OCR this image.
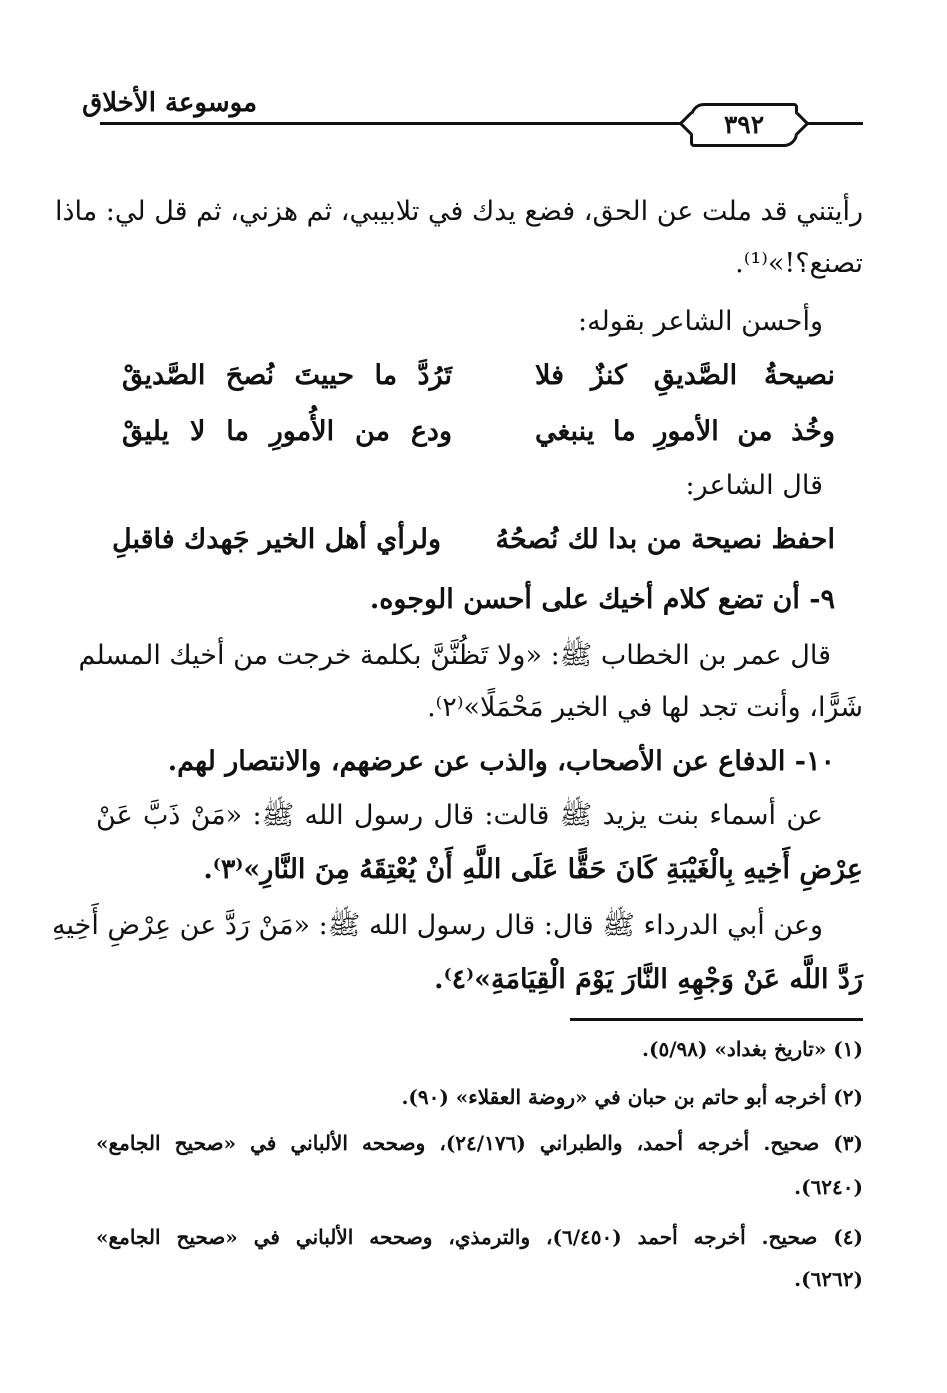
موسوعة الأخلاق
٣٩٢
رأيتني قد ملت عن الحق، فضع يدك في تلابيبي، ثم هزني، ثم قل لي: ماذا
تصنع؟!»⁽¹⁾.
وأحسن الشاعر بقوله:
نصيحةُ الصَّديقِ كنزٌ فلا
تَرُدَّ ما حييتَ نُصحَ الصَّديقْ
وخُذ من الأمورِ ما ينبغي
ودع من الأُمورِ ما لا يليقْ
قال الشاعر:
احفظ نصيحة من بدا لك نُصحُهُ
ولرأي أهل الخير جَهدك فاقبلِ
٩- أن تضع كلام أخيك على أحسن الوجوه.
قال عمر بن الخطاب ﷺ: «ولا تَظُنَّنَّ بكلمة خرجت من أخيك المسلم
شَرًّا، وأنت تجد لها في الخير مَحْمَلًا»⁽٢⁾.
١٠- الدفاع عن الأصحاب، والذب عن عرضهم، والانتصار لهم.
عن أسماء بنت يزيد ﷺ قالت: قال رسول الله ﷺ: «مَنْ ذَبَّ عَنْ
عِرْضِ أَخِيهِ بِالْغَيْبَةِ كَانَ حَقًّا عَلَى اللَّهِ أَنْ يُعْتِقَهُ مِنَ النَّارِ»⁽٣⁾.
وعن أبي الدرداء ﷺ قال: قال رسول الله ﷺ: «مَنْ رَدَّ عن عِرْضِ أَخِيهِ
رَدَّ اللَّه عَنْ وَجْهِهِ النَّارَ يَوْمَ الْقِيَامَةِ»⁽٤⁾.
(١) «تاريخ بغداد» (٥/٩٨).
(٢) أخرجه أبو حاتم بن حبان في «روضة العقلاء» (٩٠).
(٣) صحيح. أخرجه أحمد، والطبراني (٢٤/١٧٦)، وصححه الألباني في «صحيح الجامع»
(٦٢٤٠).
(٤) صحيح. أخرجه أحمد (٦/٤٥٠)، والترمذي، وصححه الألباني في «صحيح الجامع»
(٦٢٦٢).
